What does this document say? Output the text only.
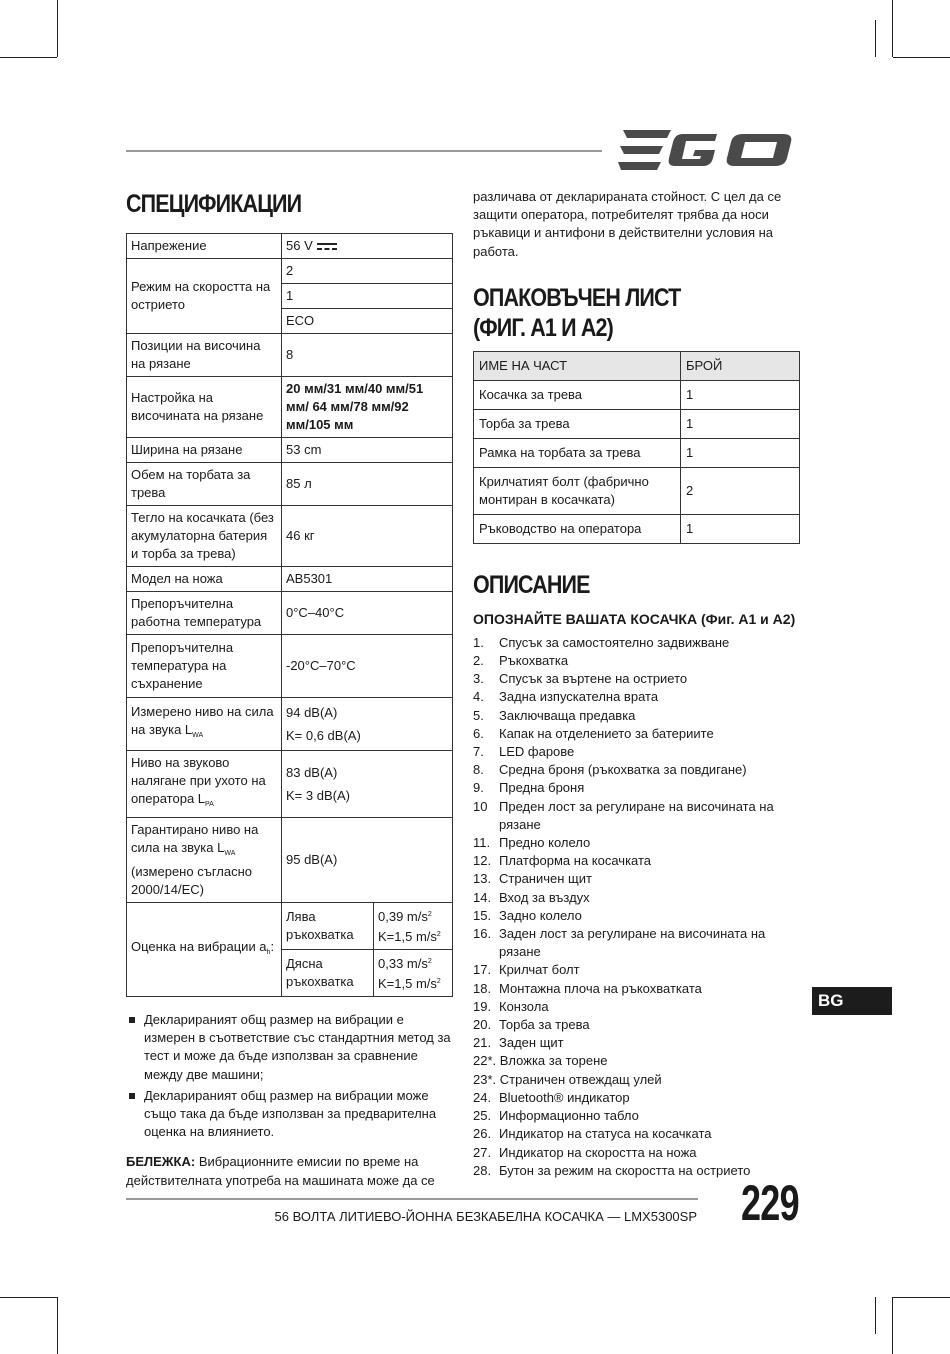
СПЕЦИФИКАЦИИ
Напрежение	56 V	
Режим на скоростта на острието	2	
	1	
	ECO	
Позиции на височина на рязане	8	
Настройка на височината на рязане	20 мм/31 мм/40 мм/51 мм/ 64 мм/78 мм/92 мм/105 мм	
Ширина на рязане	53 cm	
Обем на торбата за трева	85 л	
Тегло на косачката (без акумулаторна батерия и торба за трева)	46 кг	
Модел на ножа	AB5301	
Препоръчителна работна температура	0°C–40°C	
Препоръчителна температура на съхранение	-20°C–70°C	
Измерено ниво на сила на звука $L_{WA}$	94 dB(A)
K= 0,6 dB(A)	

Ниво на звуково налягане при ухото на оператора $L_{PA}$	83 dB(A)
K= 3 dB(A)	

Гарантирано ниво на сила на звука $L_{WA}$ (измерено съгласно 2000/14/ЕС)	95 dB(A)	
Оценка на вибрации $a_h$:	Лява ръкохватка	0,39 $m/s^2$
K=1,5 $m/s^2$
	Дясна ръкохватка	0,33 $m/s^2$
K=1,5 $m/s^2$
Декларираният общ размер на вибрации е измерен в съответствие със стандартния метод за тест и може да бъде използван за сравнение между две машини;
Декларираният общ размер на вибрации може също така да бъде използван за предварителна оценка на влиянието.
БЕЛЕЖКА: Вибрационните емисии по време на действителната употреба на машината може да се

различава от декларираната стойност. С цел да се защити оператора, потребителят трябва да носи ръкавици и антифони в действителни условия на работа.

ОПАКОВЪЧЕН ЛИСТ
(ФИГ. A1 И A2)
ИМЕ НА ЧАСТ	БРОЙ
Косачка за трева	1
Торба за трева	1
Рамка на торбата за трева	1
Крилчатият болт (фабрично монтиран в косачката)	2
Ръководство на оператора	1
ОПИСАНИЕ
ОПОЗНАЙТЕ ВАШАТА КОСАЧКА (Фиг. A1 и A2)
1. Спусък за самостоятелно задвижване
2. Ръкохватка
3. Спусък за въртене на острието
4. Задна изпускателна врата
5. Заключваща предавка
6. Капак на отделението за батериите
7. LED фарове
8. Средна броня (ръкохватка за повдигане)
9. Предна броня
10 Преден лост за регулиране на височината на рязане
11. Предно колело
12. Платформа на косачката
13. Страничен щит
14. Вход за въздух
15. Задно колело
16. Заден лост за регулиране на височината на рязане
17. Крилчат болт
18. Монтажна плоча на ръкохватката
19. Конзола
20. Торба за трева
21. Заден щит
22*. Вложка за торене
23*. Страничен отвеждащ улей
24. Bluetooth® индикатор
25. Информационно табло
26. Индикатор на статуса на косачката
27. Индикатор на скоростта на ножа
28. Бутон за режим на скоростта на острието
BG
56 ВОЛТА ЛИТИЕВО-ЙОННА БЕЗКАБЕЛНА КОСАЧКА — LMX5300SP 229
